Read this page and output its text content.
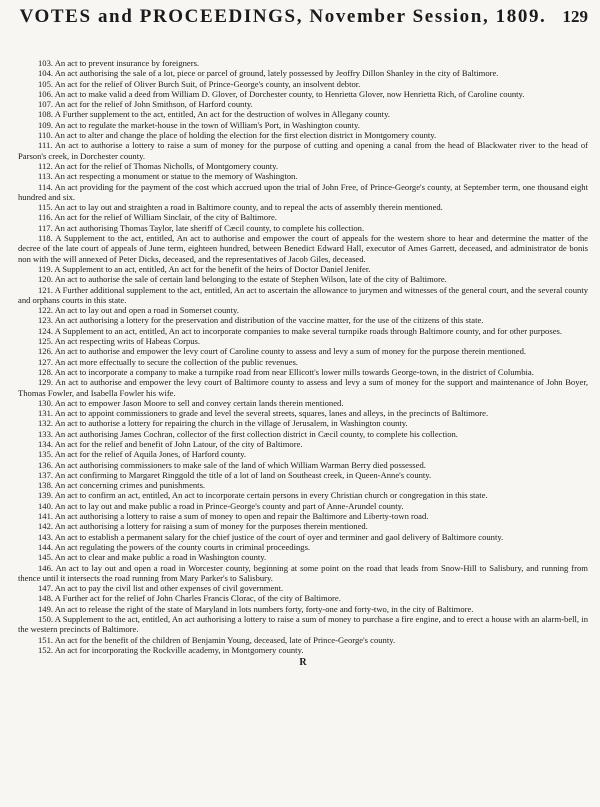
VOTES and PROCEEDINGS, November Session, 1809. 129

103. An act to prevent insurance by foreigners.

104. An act authorising the sale of a lot, piece or parcel of ground, lately possessed by Jeoffry Dillon Shanley in the city of Baltimore.

105. An act for the relief of Oliver Burch Suit, of Prince-George's county, an insolvent debtor.

106. An act to make valid a deed from William D. Glover, of Dorchester county, to Henrietta Glover, now Henrietta Rich, of Caroline county.

107. An act for the relief of John Smithson, of Harford county.

108. A Further supplement to the act, entitled, An act for the destruction of wolves in Allegany county.

109. An act to regulate the market-house in the town of William's Port, in Washington county.

110. An act to alter and change the place of holding the election for the first election district in Montgomery county.

111. An act to authorise a lottery to raise a sum of money for the purpose of cutting and opening a canal from the head of Blackwater river to the head of Parson's creek, in Dorchester county.

112. An act for the relief of Thomas Nicholls, of Montgomery county.

113. An act respecting a monument or statue to the memory of Washington.

114. An act providing for the payment of the cost which accrued upon the trial of John Free, of Prince-George's county, at September term, one thousand eight hundred and six.

115. An act to lay out and straighten a road in Baltimore county, and to repeal the acts of assembly therein mentioned.

116. An act for the relief of William Sinclair, of the city of Baltimore.

117. An act authorising Thomas Taylor, late sheriff of Cæcil county, to complete his collection.

118. A Supplement to the act, entitled, An act to authorise and empower the court of appeals for the western shore to hear and determine the matter of the decree of the late court of appeals of June term, eighteen hundred, between Benedict Edward Hall, executor of Ames Garrett, deceased, and administrator de bonis non with the will annexed of Peter Dicks, deceased, and the representatives of Jacob Giles, deceased.

119. A Supplement to an act, entitled, An act for the benefit of the heirs of Doctor Daniel Jenifer.

120. An act to authorise the sale of certain land belonging to the estate of Stephen Wilson, late of the city of Baltimore.

121. A Further additional supplement to the act, entitled, An act to ascertain the allowance to jurymen and witnesses of the general court, and the several county and orphans courts in this state.

122. An act to lay out and open a road in Somerset county.

123. An act authorising a lottery for the preservation and distribution of the vaccine matter, for the use of the citizens of this state.

124. A Supplement to an act, entitled, An act to incorporate companies to make several turnpike roads through Baltimore county, and for other purposes.

125. An act respecting writs of Habeas Corpus.

126. An act to authorise and empower the levy court of Caroline county to assess and levy a sum of money for the purpose therein mentioned.

127. An act more effectually to secure the collection of the public revenues.

128. An act to incorporate a company to make a turnpike road from near Ellicott's lower mills towards George-town, in the district of Columbia.

129. An act to authorise and empower the levy court of Baltimore county to assess and levy a sum of money for the support and maintenance of John Boyer, Thomas Fowler, and Isabella Fowler his wife.

130. An act to empower Jason Moore to sell and convey certain lands therein mentioned.

131. An act to appoint commissioners to grade and level the several streets, squares, lanes and alleys, in the precincts of Baltimore.

132. An act to authorise a lottery for repairing the church in the village of Jerusalem, in Washington county.

133. An act authorising James Cochran, collector of the first collection district in Cæcil county, to complete his collection.

134. An act for the relief and benefit of John Latour, of the city of Baltimore.

135. An act for the relief of Aquila Jones, of Harford county.

136. An act authorising commissioners to make sale of the land of which William Warman Berry died possessed.

137. An act confirming to Margaret Ringgold the title of a lot of land on Southeast creek, in Queen-Anne's county.

138. An act concerning crimes and punishments.

139. An act to confirm an act, entitled, An act to incorporate certain persons in every Christian church or congregation in this state.

140. An act to lay out and make public a road in Prince-George's county and part of Anne-Arundel county.

141. An act authorising a lottery to raise a sum of money to open and repair the Baltimore and Liberty-town road.

142. An act authorising a lottery for raising a sum of money for the purposes therein mentioned.

143. An act to establish a permanent salary for the chief justice of the court of oyer and terminer and gaol delivery of Baltimore county.

144. An act regulating the powers of the county courts in criminal proceedings.

145. An act to clear and make public a road in Washington county.

146. An act to lay out and open a road in Worcester county, beginning at some point on the road that leads from Snow-Hill to Salisbury, and running from thence until it intersects the road running from Mary Parker's to Salisbury.

147. An act to pay the civil list and other expenses of civil government.

148. A Further act for the relief of John Charles Francis Clorac, of the city of Baltimore.

149. An act to release the right of the state of Maryland in lots numbers forty, forty-one and forty-two, in the city of Baltimore.

150. A Supplement to the act, entitled, An act authorising a lottery to raise a sum of money to purchase a fire engine, and to erect a house with an alarm-bell, in the western precincts of Baltimore.

151. An act for the benefit of the children of Benjamin Young, deceased, late of Prince-George's county.

152. An act for incorporating the Rockville academy, in Montgomery county.

R
